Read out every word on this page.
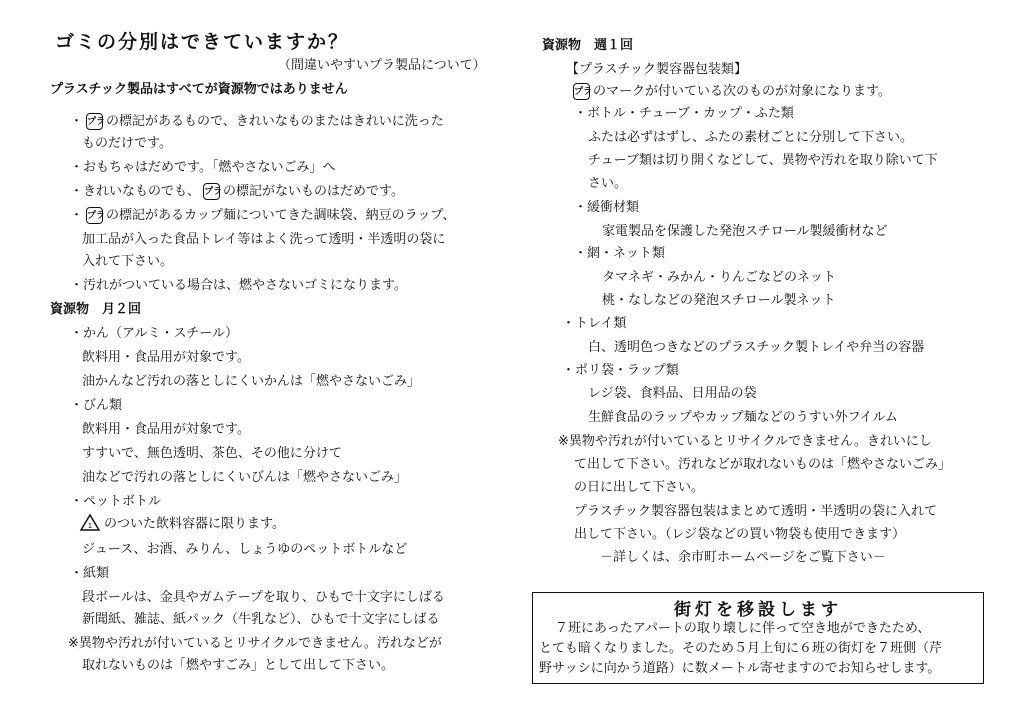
ゴミの分別はできていますか？
（間違いやすいプラ製品について）
プラスチック製品はすべてが資源物ではありません
・ プラの標記があるもので、きれいなものまたはきれいに洗った
ものだけです。
・おもちゃはだめです。「燃やさないごみ」へ
・きれいなものでも、 プラの標記がないものはだめです。
・ プラの標記があるカップ麺についてきた調味袋、納豆のラップ、
加工品が入った食品トレイ等はよく洗って透明・半透明の袋に
入れて下さい。
・汚れがついている場合は、燃やさないゴミになります。
資源物　月２回
・かん（アルミ・スチール）
飲料用・食品用が対象です。
油かんなど汚れの落としにくいかんは「燃やさないごみ」
・びん類
飲料用・食品用が対象です。
すすいで、無色透明、茶色、その他に分けて
油などで汚れの落としにくいびんは「燃やさないごみ」
・ペットボトル
1 のついた飲料容器に限ります。
ジュース、お酒、みりん、しょうゆのペットボトルなど
・紙類
段ボールは、金具やガムテープを取り、ひもで十文字にしばる
新聞紙、雑誌、紙パック（牛乳など）、ひもで十文字にしばる
※異物や汚れが付いているとリサイクルできません。汚れなどが
取れないものは「燃やすごみ」として出して下さい。
資源物　週１回
【プラスチック製容器包装類】
プラのマークが付いている次のものが対象になります。
・ボトル・チューブ・カップ・ふた類
ふたは必ずはずし、ふたの素材ごとに分別して下さい。
チューブ類は切り開くなどして、異物や汚れを取り除いて下
さい。
・緩衝材類
家電製品を保護した発泡スチロール製緩衝材など
・網・ネット類
タマネギ・みかん・りんごなどのネット
桃・なしなどの発泡スチロール製ネット
・トレイ類
白、透明色つきなどのプラスチック製トレイや弁当の容器
・ポリ袋・ラップ類
レジ袋、食料品、日用品の袋
生鮮食品のラップやカップ麺などのうすい外フイルム
※異物や汚れが付いているとリサイクルできません。きれいにし
て出して下さい。汚れなどが取れないものは「燃やさないごみ」
の日に出して下さい。
プラスチック製容器包装はまとめて透明・半透明の袋に入れて
出して下さい。（レジ袋などの買い物袋も使用できます）
－詳しくは、余市町ホームページをご覧下さい－
街灯を移設します
７班にあったアパートの取り壊しに伴って空き地ができたため、
とても暗くなりました。そのため５月上旬に６班の街灯を７班側（芹
野サッシに向かう道路）に数メートル寄せますのでお知らせします。
